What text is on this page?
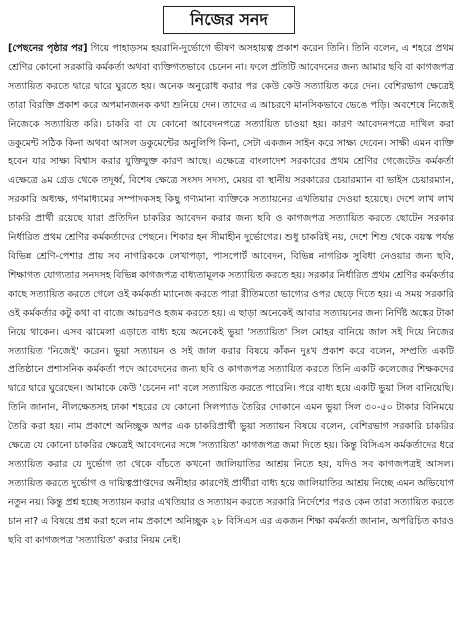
নিজের সনদ
[পেছনের পৃষ্ঠার পর] গিয়ে পাহাড়সম হয়রানি-দুর্ভোগে ভীষণ অসহায়ত্ব প্রকাশ করেন তিনি। তিনি বলেন, এ শহরে প্রথম শ্রেণির কোনো সরকারি কর্মকর্তা অথবা ব্যক্তিগতভাবে চেনেন না। ফলে প্রতিটি আবেদনের জন্য আমার ছবি বা কাগজপত্র সত্যায়িত করতে দ্বারে দ্বারে ঘুরতে হয়। অনেক অনুরোধ করার পর কেউ কেউ সত্যায়িত করে দেন। বেশিরভাগ ক্ষেত্রেই তারা বিরক্তি প্রকাশ করে অপমানজনক কথা শুনিয়ে দেন। তাদের এ আচরণে মানসিকভাবে ভেঙে পড়ি। অবশেষে নিজেই নিজেকে সত্যায়িত করি। চাকরি বা যে কোনো আবেদনপত্রে সত্যায়িত চাওয়া হয়। কারণ আবেদনপত্রে দাখিল করা ডকুমেন্ট সঠিক কিনা অথবা আসল ডকুমেন্টের অনুলিপি কিনা, সেটা একজন সাইন করে সাক্ষ্য দেবেন। সাক্ষী এমন ব্যক্তি হবেন যার সাক্ষ্য বিশ্বাস করার যুক্তিযুক্ত কারণ আছে। এক্ষেত্রে বাংলাদেশ সরকারের প্রথম শ্রেণির গেজেটেড কর্মকর্তা এক্ষেত্রে ৯ম গ্রেড থেকে তদূর্ধ্ব, বিশেষ ক্ষেত্রে সংসদ সদস্য, মেয়র বা স্থানীয় সরকারের চেয়ারম্যান বা ভাইস চেয়ারম্যান, সরকারি অধ্যক্ষ, গণমাধ্যমের সম্পাদকসহ কিছু গণ্যমান্য ব্যক্তিকে সত্যায়নের এখতিয়ার দেওয়া হয়েছে। দেশে লাখ লাখ চাকরি প্রার্থী রয়েছে যারা প্রতিদিন চাকরির আবেদন করার জন্য ছবি ও কাগজপত্র সত্যায়িত করতে ছোটেন সরকার নির্ধারিত প্রথম শ্রেণির কর্মকর্তাদের পেছনে। শিকার হন সীমাহীন দুর্ভোগের। শুধু চাকরিই নয়, দেশে শিশু থেকে বয়স্ক পর্যন্ত বিভিন্ন শ্রেণি-পেশার প্রায় সব নাগরিককে লেখাপড়া, পাসপোর্ট আবেদন, বিভিন্ন নাগরিক সুবিধা নেওয়ার জন্য ছবি, শিক্ষাগত যোগ্যতার সনদসহ বিভিন্ন কাগজপত্র বাধ্যতামূলক সত্যায়িত করতে হয়। সরকার নির্ধারিত প্রথম শ্রেণির কর্মকর্তার কাছে সত্যায়িত করতে গেলে ওই কর্মকর্তা ম্যানেজ করতে পারা রীতিমতো ভাগ্যের ওপর ছেড়ে দিতে হয়। এ সময় সরকারি ওই কর্মকর্তার কটু কথা বা বাজে আচরণও হজম করতে হয়। এ ছাড়া অনেকেই আবার সত্যায়নের জন্য নির্দিষ্ট অঙ্কের টাকা নিয়ে থাকেন। এসব ঝামেলা এড়াতে বাধ্য হয়ে অনেকেই ভুয়া 'সত্যায়িত' সিল মোহর বানিয়ে জাল সই দিয়ে নিজের সত্যায়িত 'নিজেই' করেন। ভুয়া সত্যায়ন ও সই জাল করার বিষয়ে কাঁকন দুঃখ প্রকাশ করে বলেন, সম্প্রতি একটি প্রতিষ্ঠানে প্রশাসনিক কর্মকর্তা পদে আবেদনের জন্য ছবি ও কাগজপত্র সত্যায়িত করতে তিনি একটি কলেজের শিক্ষকদের দ্বারে দ্বারে ঘুরেছেন। আমাকে কেউ 'চেনেন না' বলে সত্যায়িত করতে পারেনি। পরে বাধ্য হয়ে একটি ভুয়া সিল বানিয়েছি। তিনি জানান, নীলক্ষেতসহ ঢাকা শহরের যে কোনো সিলপ্যাড তৈরির দোকানে এমন ভুয়া সিল ৩০-৫০ টাকার বিনিময়ে তৈরি করা হয়। নাম প্রকাশে অনিচ্ছুক অপর এক চাকরিপ্রার্থী ভুয়া সত্যায়ন বিষয়ে বলেন, বেশিরভাগ সরকারি চাকরির ক্ষেত্রে যে কোনো চাকরির ক্ষেত্রেই আবেদনের সঙ্গে 'সত্যায়িত' কাগজপত্র জমা দিতে হয়। কিন্তু বিসিএস কর্মকর্তাদের ধরে সত্যায়িত করার যে দুর্ভোগ তা থেকে বাঁচতে কখনো জালিয়াতির আশ্রয় নিতে হয়, যদিও সব কাগজপত্রই আসল। সত্যায়িত করতে দুর্ভোগ ও দায়িত্বপ্রাপ্তদের অনীহার কারণেই প্রার্থীরা বাধ্য হয়ে জালিয়াতির আশ্রয় নিচ্ছে এমন অভিযোগ নতুন নয়। কিন্তু প্রশ্ন হচ্ছে সত্যায়ন করার এখতিয়ার ও সত্যায়ন করতে সরকারি নির্দেশের পরও কেন তারা সত্যায়িত করতে চান না? এ বিষয়ে প্রশ্ন করা হলে নাম প্রকাশে অনিচ্ছুক ২৮ বিসিএস এর একজন শিক্ষা কর্মকর্তা জানান, অপরিচিত কারও ছবি বা কাগজপত্র 'সত্যায়িত' করার নিয়ম নেই।
